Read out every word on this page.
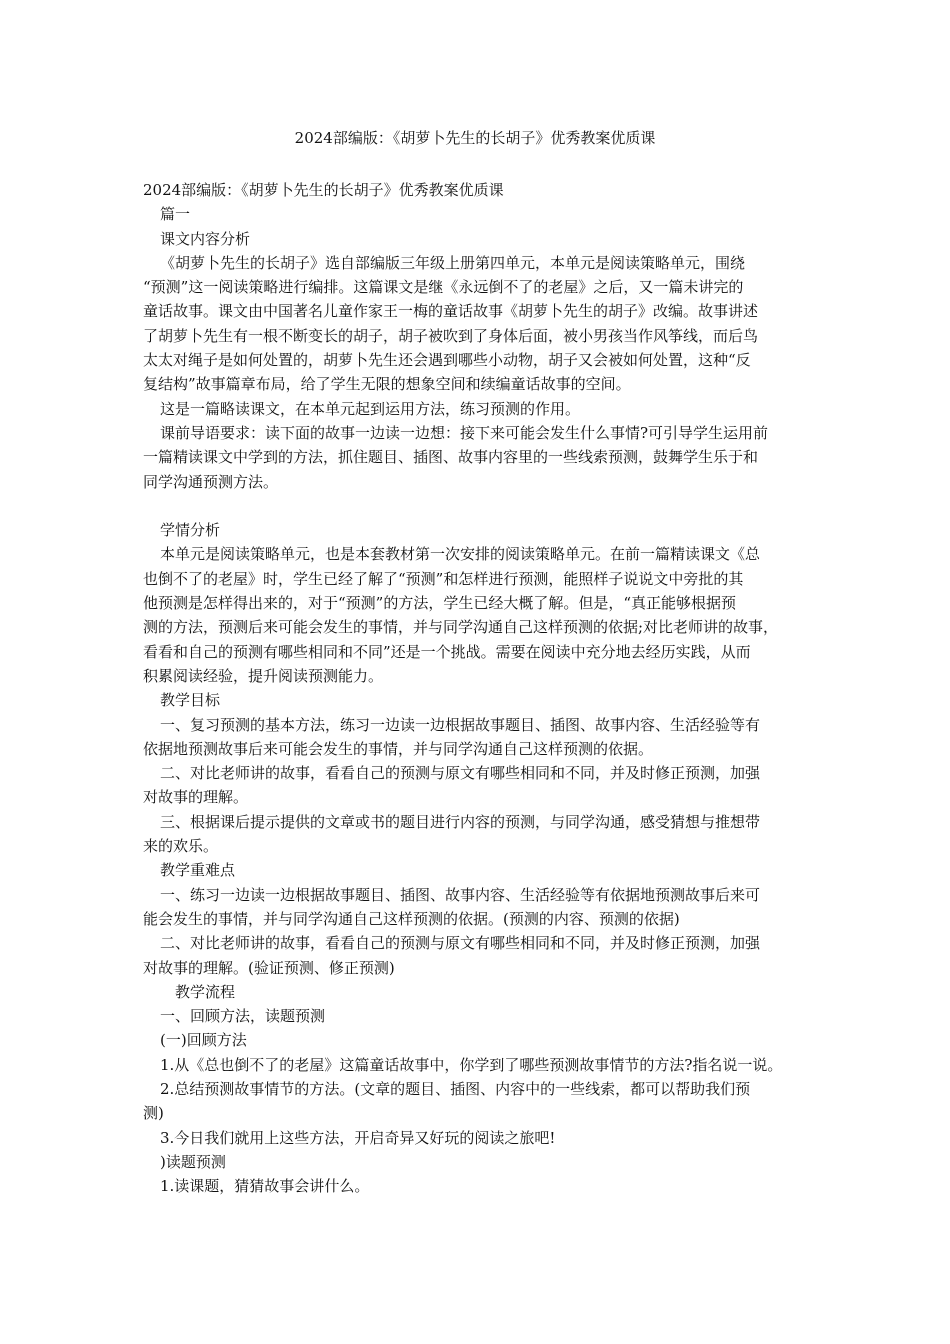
2024部编版：《胡萝卜先生的长胡子》优秀教案优质课

2024部编版：《胡萝卜先生的长胡子》优秀教案优质课

篇一

课文内容分析

《胡萝卜先生的长胡子》选自部编版三年级上册第四单元，本单元是阅读策略单元，围绕

“预测”这一阅读策略进行编排。这篇课文是继《永远倒不了的老屋》之后，又一篇未讲完的

童话故事。课文由中国著名儿童作家王一梅的童话故事《胡萝卜先生的胡子》改编。故事讲述

了胡萝卜先生有一根不断变长的胡子，胡子被吹到了身体后面，被小男孩当作风筝线，而后鸟

太太对绳子是如何处置的，胡萝卜先生还会遇到哪些小动物，胡子又会被如何处置，这种“反

复结构”故事篇章布局，给了学生无限的想象空间和续编童话故事的空间。

这是一篇略读课文，在本单元起到运用方法，练习预测的作用。

课前导语要求：读下面的故事一边读一边想：接下来可能会发生什么事情?可引导学生运用前

一篇精读课文中学到的方法，抓住题目、插图、故事内容里的一些线索预测，鼓舞学生乐于和

同学沟通预测方法。

学情分析

本单元是阅读策略单元，也是本套教材第一次安排的阅读策略单元。在前一篇精读课文《总

也倒不了的老屋》时，学生已经了解了“预测”和怎样进行预测，能照样子说说文中旁批的其

他预测是怎样得出来的，对于“预测”的方法，学生已经大概了解。但是，“真正能够根据预

测的方法，预测后来可能会发生的事情，并与同学沟通自己这样预测的依据;对比老师讲的故事，

看看和自己的预测有哪些相同和不同”还是一个挑战。需要在阅读中充分地去经历实践，从而

积累阅读经验，提升阅读预测能力。

教学目标

一、复习预测的基本方法，练习一边读一边根据故事题目、插图、故事内容、生活经验等有

依据地预测故事后来可能会发生的事情，并与同学沟通自己这样预测的依据。

二、对比老师讲的故事，看看自己的预测与原文有哪些相同和不同，并及时修正预测，加强

对故事的理解。

三、根据课后提示提供的文章或书的题目进行内容的预测，与同学沟通，感受猜想与推想带

来的欢乐。

教学重难点

一、练习一边读一边根据故事题目、插图、故事内容、生活经验等有依据地预测故事后来可

能会发生的事情，并与同学沟通自己这样预测的依据。(预测的内容、预测的依据)

二、对比老师讲的故事，看看自己的预测与原文有哪些相同和不同，并及时修正预测，加强

对故事的理解。(验证预测、修正预测)

教学流程

一、回顾方法，读题预测

(一)回顾方法

1.从《总也倒不了的老屋》这篇童话故事中，你学到了哪些预测故事情节的方法?指名说一说。

2.总结预测故事情节的方法。(文章的题目、插图、内容中的一些线索，都可以帮助我们预

测)

3.今日我们就用上这些方法，开启奇异又好玩的阅读之旅吧!

)读题预测

1.读课题，猜猜故事会讲什么。
